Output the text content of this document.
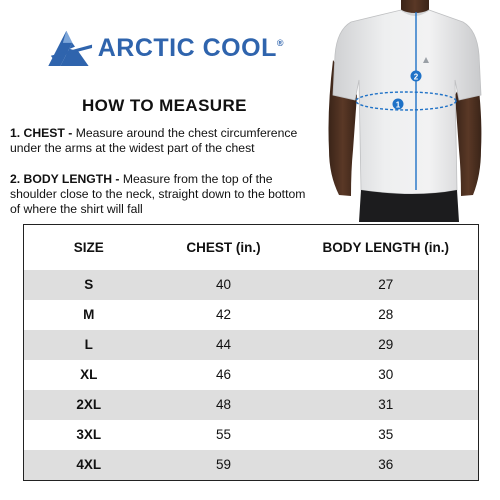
ARCTIC COOL®
HOW TO MEASURE

1. CHEST - Measure around the chest circumference under the arms at the widest part of the chest

2. BODY LENGTH - Measure from the top of the shoulder close to the neck, straight down to the bottom of where the shirt will fall

1
2
SIZE	CHEST (in.)	BODY LENGTH (in.)
S	40	27
M	42	28
L	44	29
XL	46	30
2XL	48	31
3XL	55	35
4XL	59	36
